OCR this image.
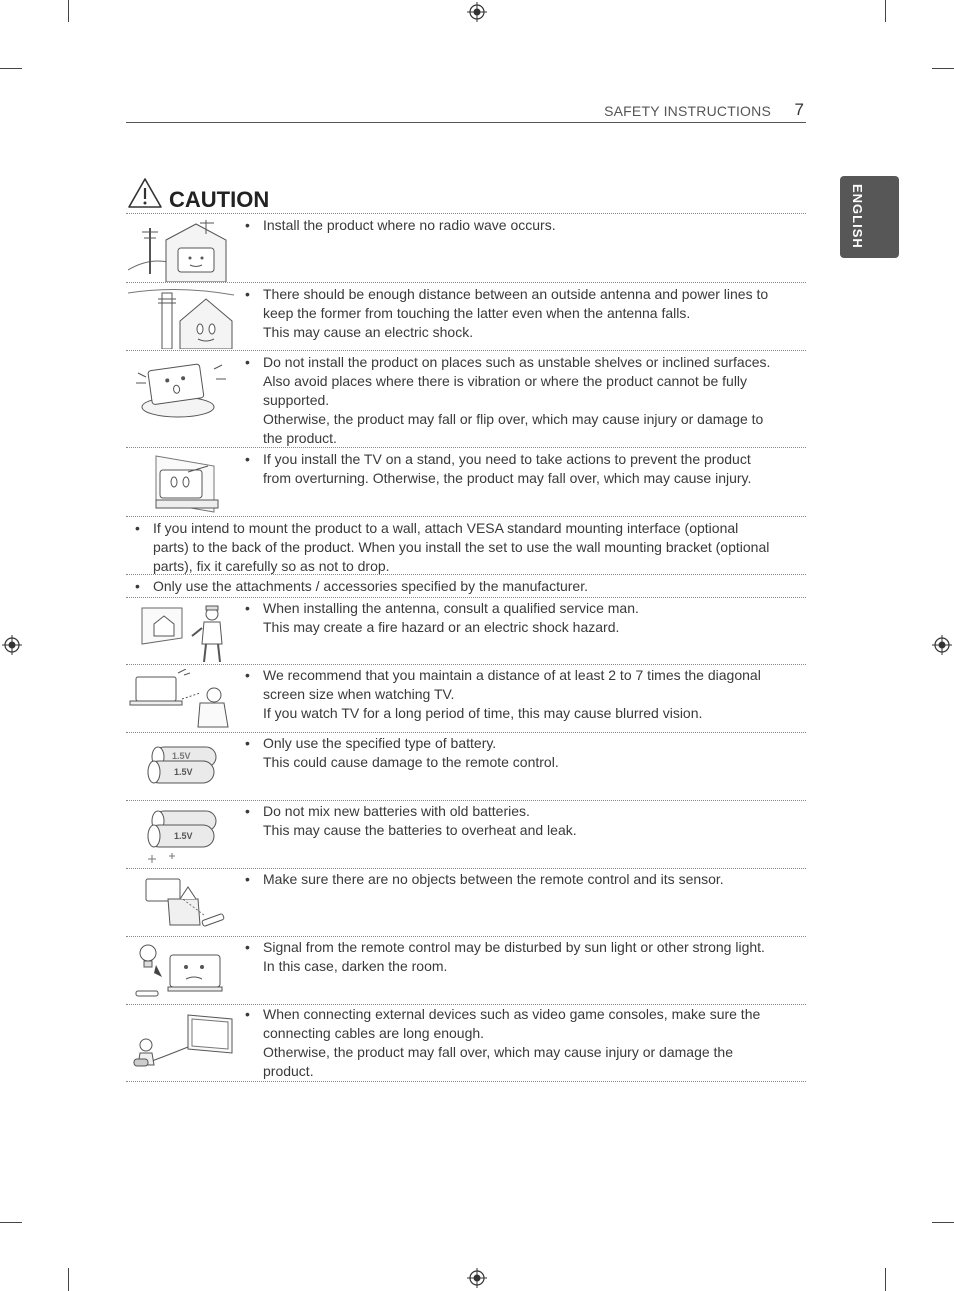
SAFETY INSTRUCTIONS 7
ENGLISH
CAUTION
• Install the product where no radio wave occurs.
• There should be enough distance between an outside antenna and power lines to
keep the former from touching the latter even when the antenna falls.
This may cause an electric shock.
• Do not install the product on places such as unstable shelves or inclined surfaces.
Also avoid places where there is vibration or where the product cannot be fully
supported.
Otherwise, the product may fall or flip over, which may cause injury or damage to
the product.
• If you install the TV on a stand, you need to take actions to prevent the product
from overturning. Otherwise, the product may fall over, which may cause injury.
• If you intend to mount the product to a wall, attach VESA standard mounting interface (optional
parts) to the back of the product. When you install the set to use the wall mounting bracket (optional
parts), fix it carefully so as not to drop.
• Only use the attachments / accessories specified by the manufacturer.
• When installing the antenna, consult a qualified service man.
This may create a fire hazard or an electric shock hazard.
• We recommend that you maintain a distance of at least 2 to 7 times the diagonal
screen size when watching TV.
If you watch TV for a long period of time, this may cause blurred vision.
1.5V
1.5V
• Only use the specified type of battery.
This could cause damage to the remote control.
1.5V
• Do not mix new batteries with old batteries.
This may cause the batteries to overheat and leak.
• Make sure there are no objects between the remote control and its sensor.
• Signal from the remote control may be disturbed by sun light or other strong light.
In this case, darken the room.
• When connecting external devices such as video game consoles, make sure the
connecting cables are long enough.
Otherwise, the product may fall over, which may cause injury or damage the
product.
